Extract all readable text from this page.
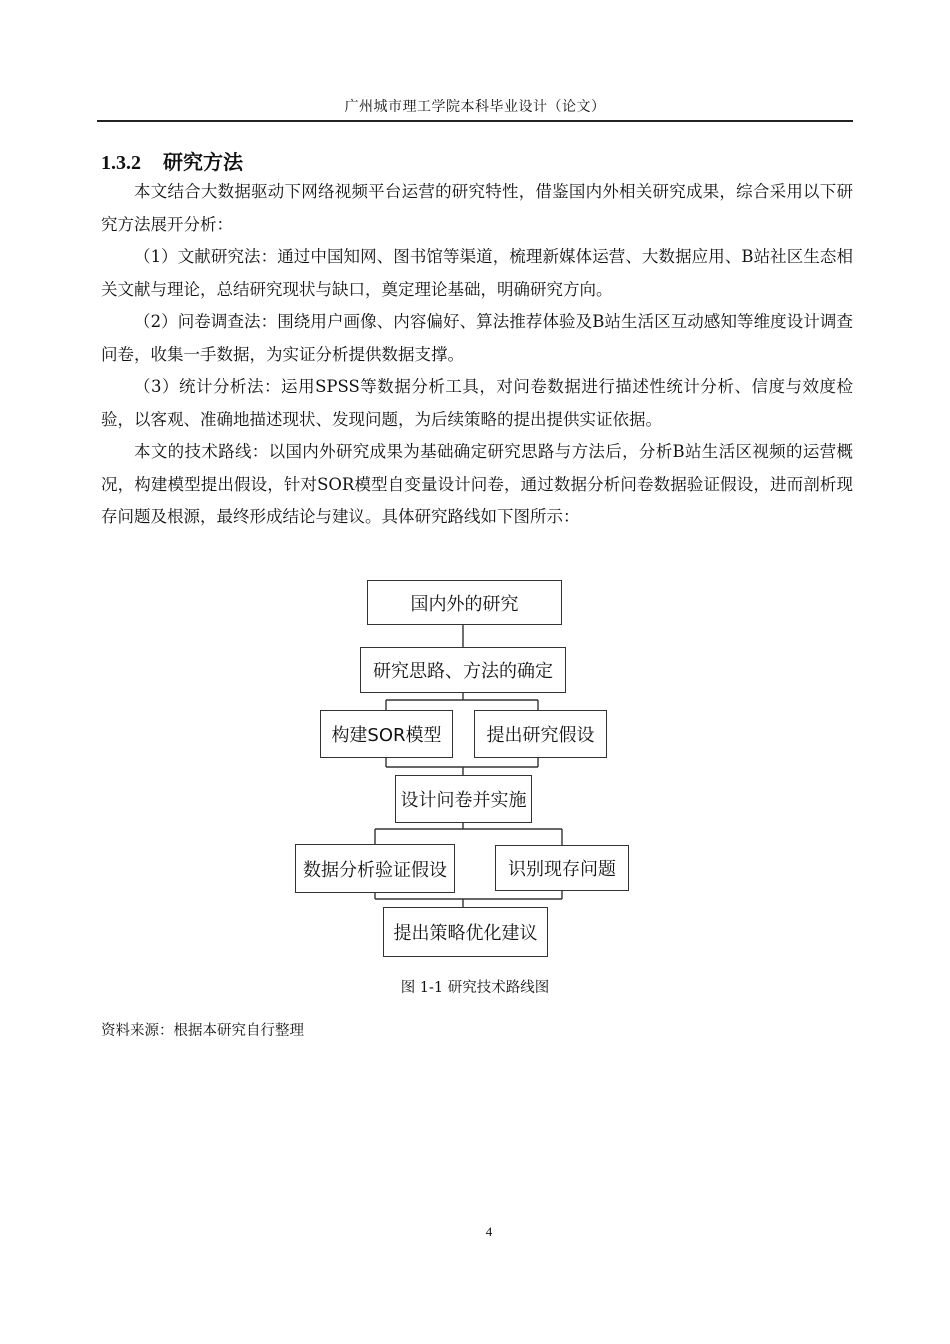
广州城市理工学院本科毕业设计（论文）
1.3.2 研究方法

本文结合大数据驱动下网络视频平台运营的研究特性，借鉴国内外相关研究成果，综合采用以下研究方法展开分析：

（1）文献研究法：通过中国知网、图书馆等渠道，梳理新媒体运营、大数据应用、B站社区生态相关文献与理论，总结研究现状与缺口，奠定理论基础，明确研究方向。

（2）问卷调查法：围绕用户画像、内容偏好、算法推荐体验及B站生活区互动感知等维度设计调查问卷，收集一手数据，为实证分析提供数据支撑。

（3）统计分析法：运用SPSS等数据分析工具，对问卷数据进行描述性统计分析、信度与效度检验，以客观、准确地描述现状、发现问题，为后续策略的提出提供实证依据。

本文的技术路线：以国内外研究成果为基础确定研究思路与方法后，分析B站生活区视频的运营概况，构建模型提出假设，针对SOR模型自变量设计问卷，通过数据分析问卷数据验证假设，进而剖析现存问题及根源，最终形成结论与建议。具体研究路线如下图所示：

国内外的研究
研究思路、方法的确定
构建SOR模型	提出研究假设
设计问卷并实施
数据分析验证假设	识别现存问题
提出策略优化建议
图 1-1 研究技术路线图
资料来源：根据本研究自行整理
4
